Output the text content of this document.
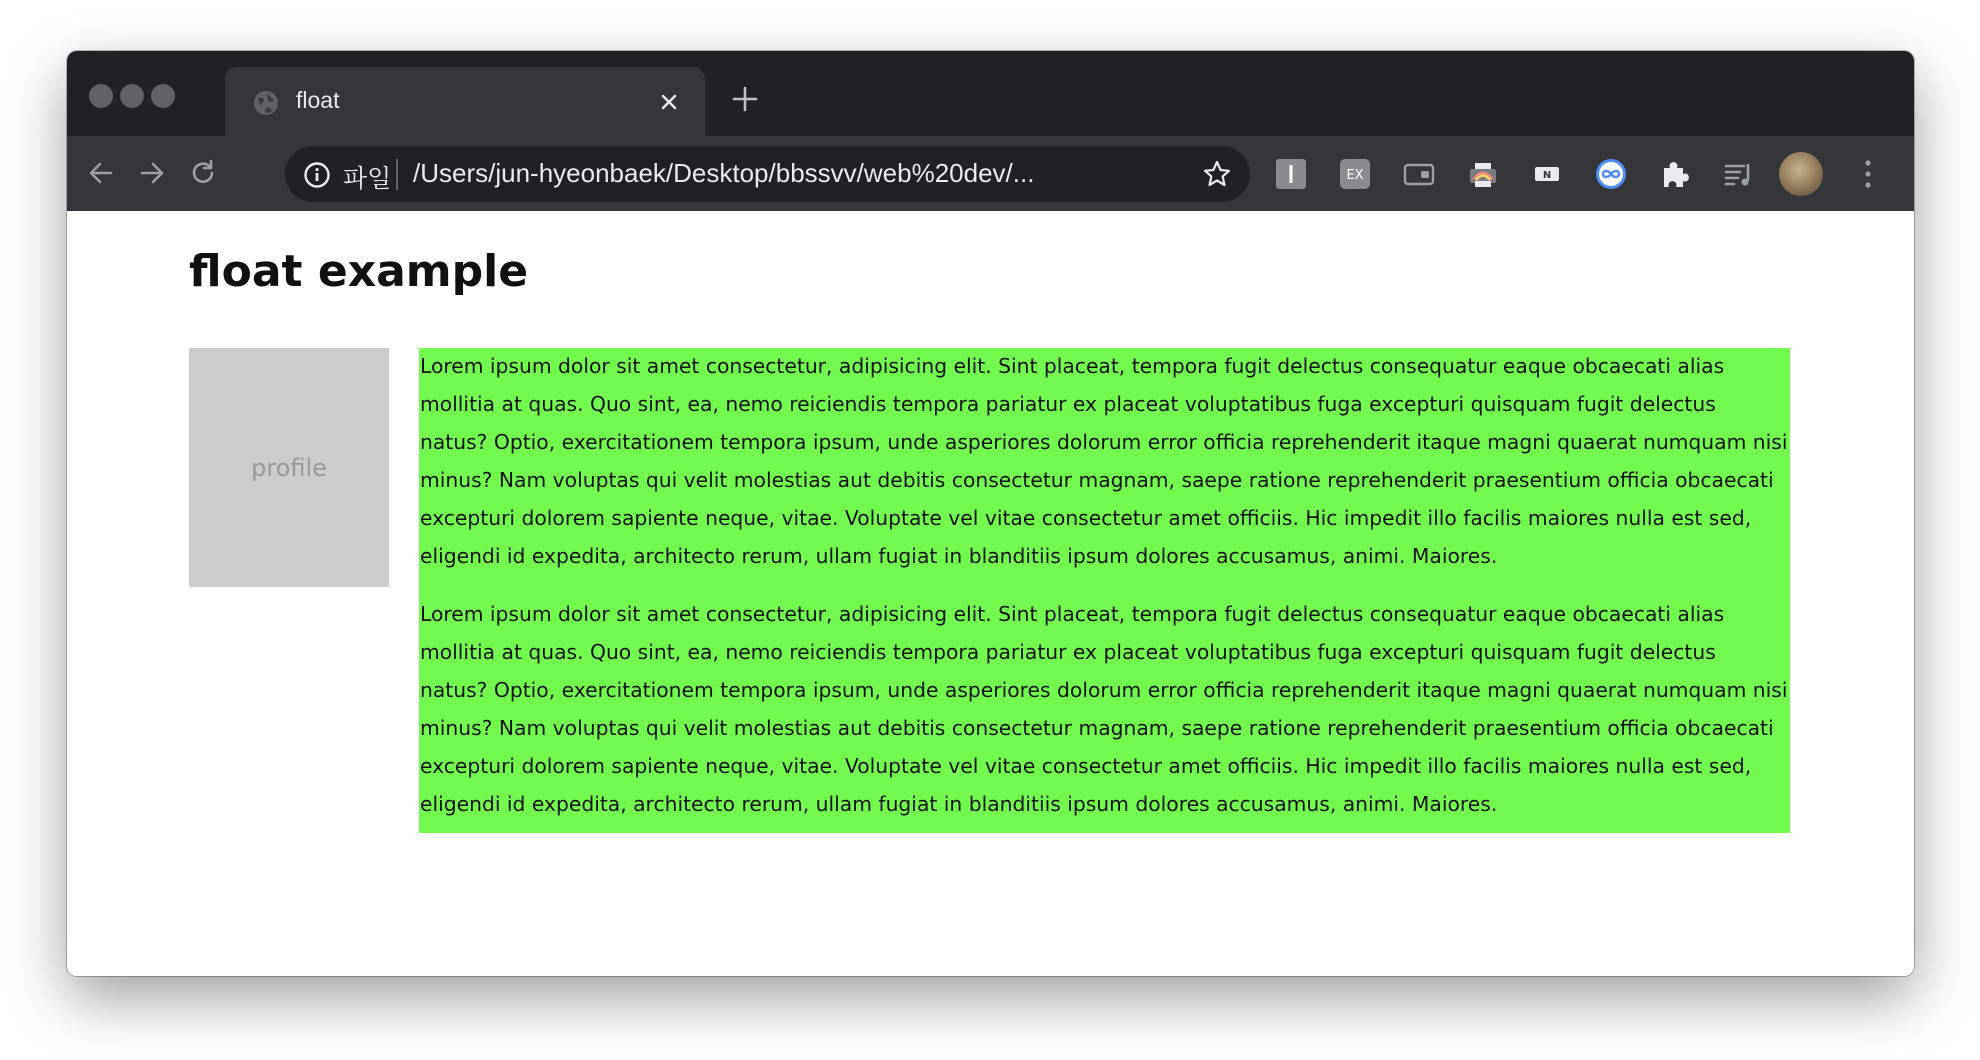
float
파일 /Users/jun-hyeonbaek/Desktop/bbssvv/web%20dev/...	EX	N
float example
profile

Lorem ipsum dolor sit amet consectetur, adipisicing elit. Sint placeat, tempora fugit delectus consequatur eaque obcaecati alias mollitia at quas. Quo sint, ea, nemo reiciendis tempora pariatur ex placeat voluptatibus fuga excepturi quisquam fugit delectus natus? Optio, exercitationem tempora ipsum, unde asperiores dolorum error officia reprehenderit itaque magni quaerat numquam nisi minus? Nam voluptas qui velit molestias aut debitis consectetur magnam, saepe ratione reprehenderit praesentium officia obcaecati excepturi dolorem sapiente neque, vitae. Voluptate vel vitae consectetur amet officiis. Hic impedit illo facilis maiores nulla est sed, eligendi id expedita, architecto rerum, ullam fugiat in blanditiis ipsum dolores accusamus, animi. Maiores.

Lorem ipsum dolor sit amet consectetur, adipisicing elit. Sint placeat, tempora fugit delectus consequatur eaque obcaecati alias mollitia at quas. Quo sint, ea, nemo reiciendis tempora pariatur ex placeat voluptatibus fuga excepturi quisquam fugit delectus natus? Optio, exercitationem tempora ipsum, unde asperiores dolorum error officia reprehenderit itaque magni quaerat numquam nisi minus? Nam voluptas qui velit molestias aut debitis consectetur magnam, saepe ratione reprehenderit praesentium officia obcaecati excepturi dolorem sapiente neque, vitae. Voluptate vel vitae consectetur amet officiis. Hic impedit illo facilis maiores nulla est sed, eligendi id expedita, architecto rerum, ullam fugiat in blanditiis ipsum dolores accusamus, animi. Maiores.
